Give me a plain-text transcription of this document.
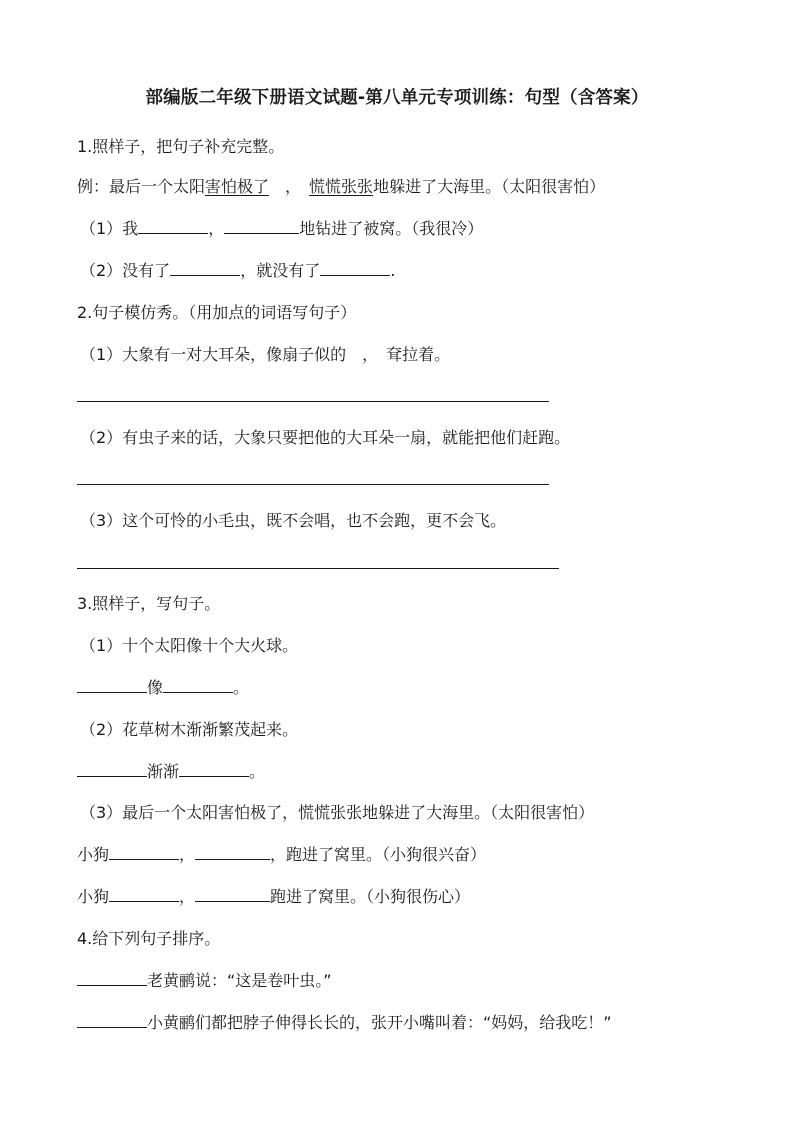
部编版二年级下册语文试题-第八单元专项训练：句型（含答案）
1.照样子，把句子补充完整。
例：最后一个太阳害怕极了　，　慌慌张张地躲进了大海里。（太阳很害怕）
（1）我	，	地钻进了被窝。（我很冷）
（2）没有了	，就没有了	.
2.句子模仿秀。（用加点的词语写句子）
（1）大象有一对大耳朵，像扇子似的　，　耷拉着。
（2）有虫子来的话，大象只要把他的大耳朵一扇，就能把他们赶跑。
（3）这个可怜的小毛虫，既不会唱，也不会跑，更不会飞。
3.照样子，写句子。
（1）十个太阳像十个大火球。
像	。
（2）花草树木渐渐繁茂起来。
渐渐	。
（3）最后一个太阳害怕极了，慌慌张张地躲进了大海里。（太阳很害怕）
小狗	，	，跑进了窝里。（小狗很兴奋）
小狗	，	跑进了窝里。（小狗很伤心）
4.给下列句子排序。
老黄鹂说：“这是卷叶虫。”
小黄鹂们都把脖子伸得长长的，张开小嘴叫着：“妈妈，给我吃！”
